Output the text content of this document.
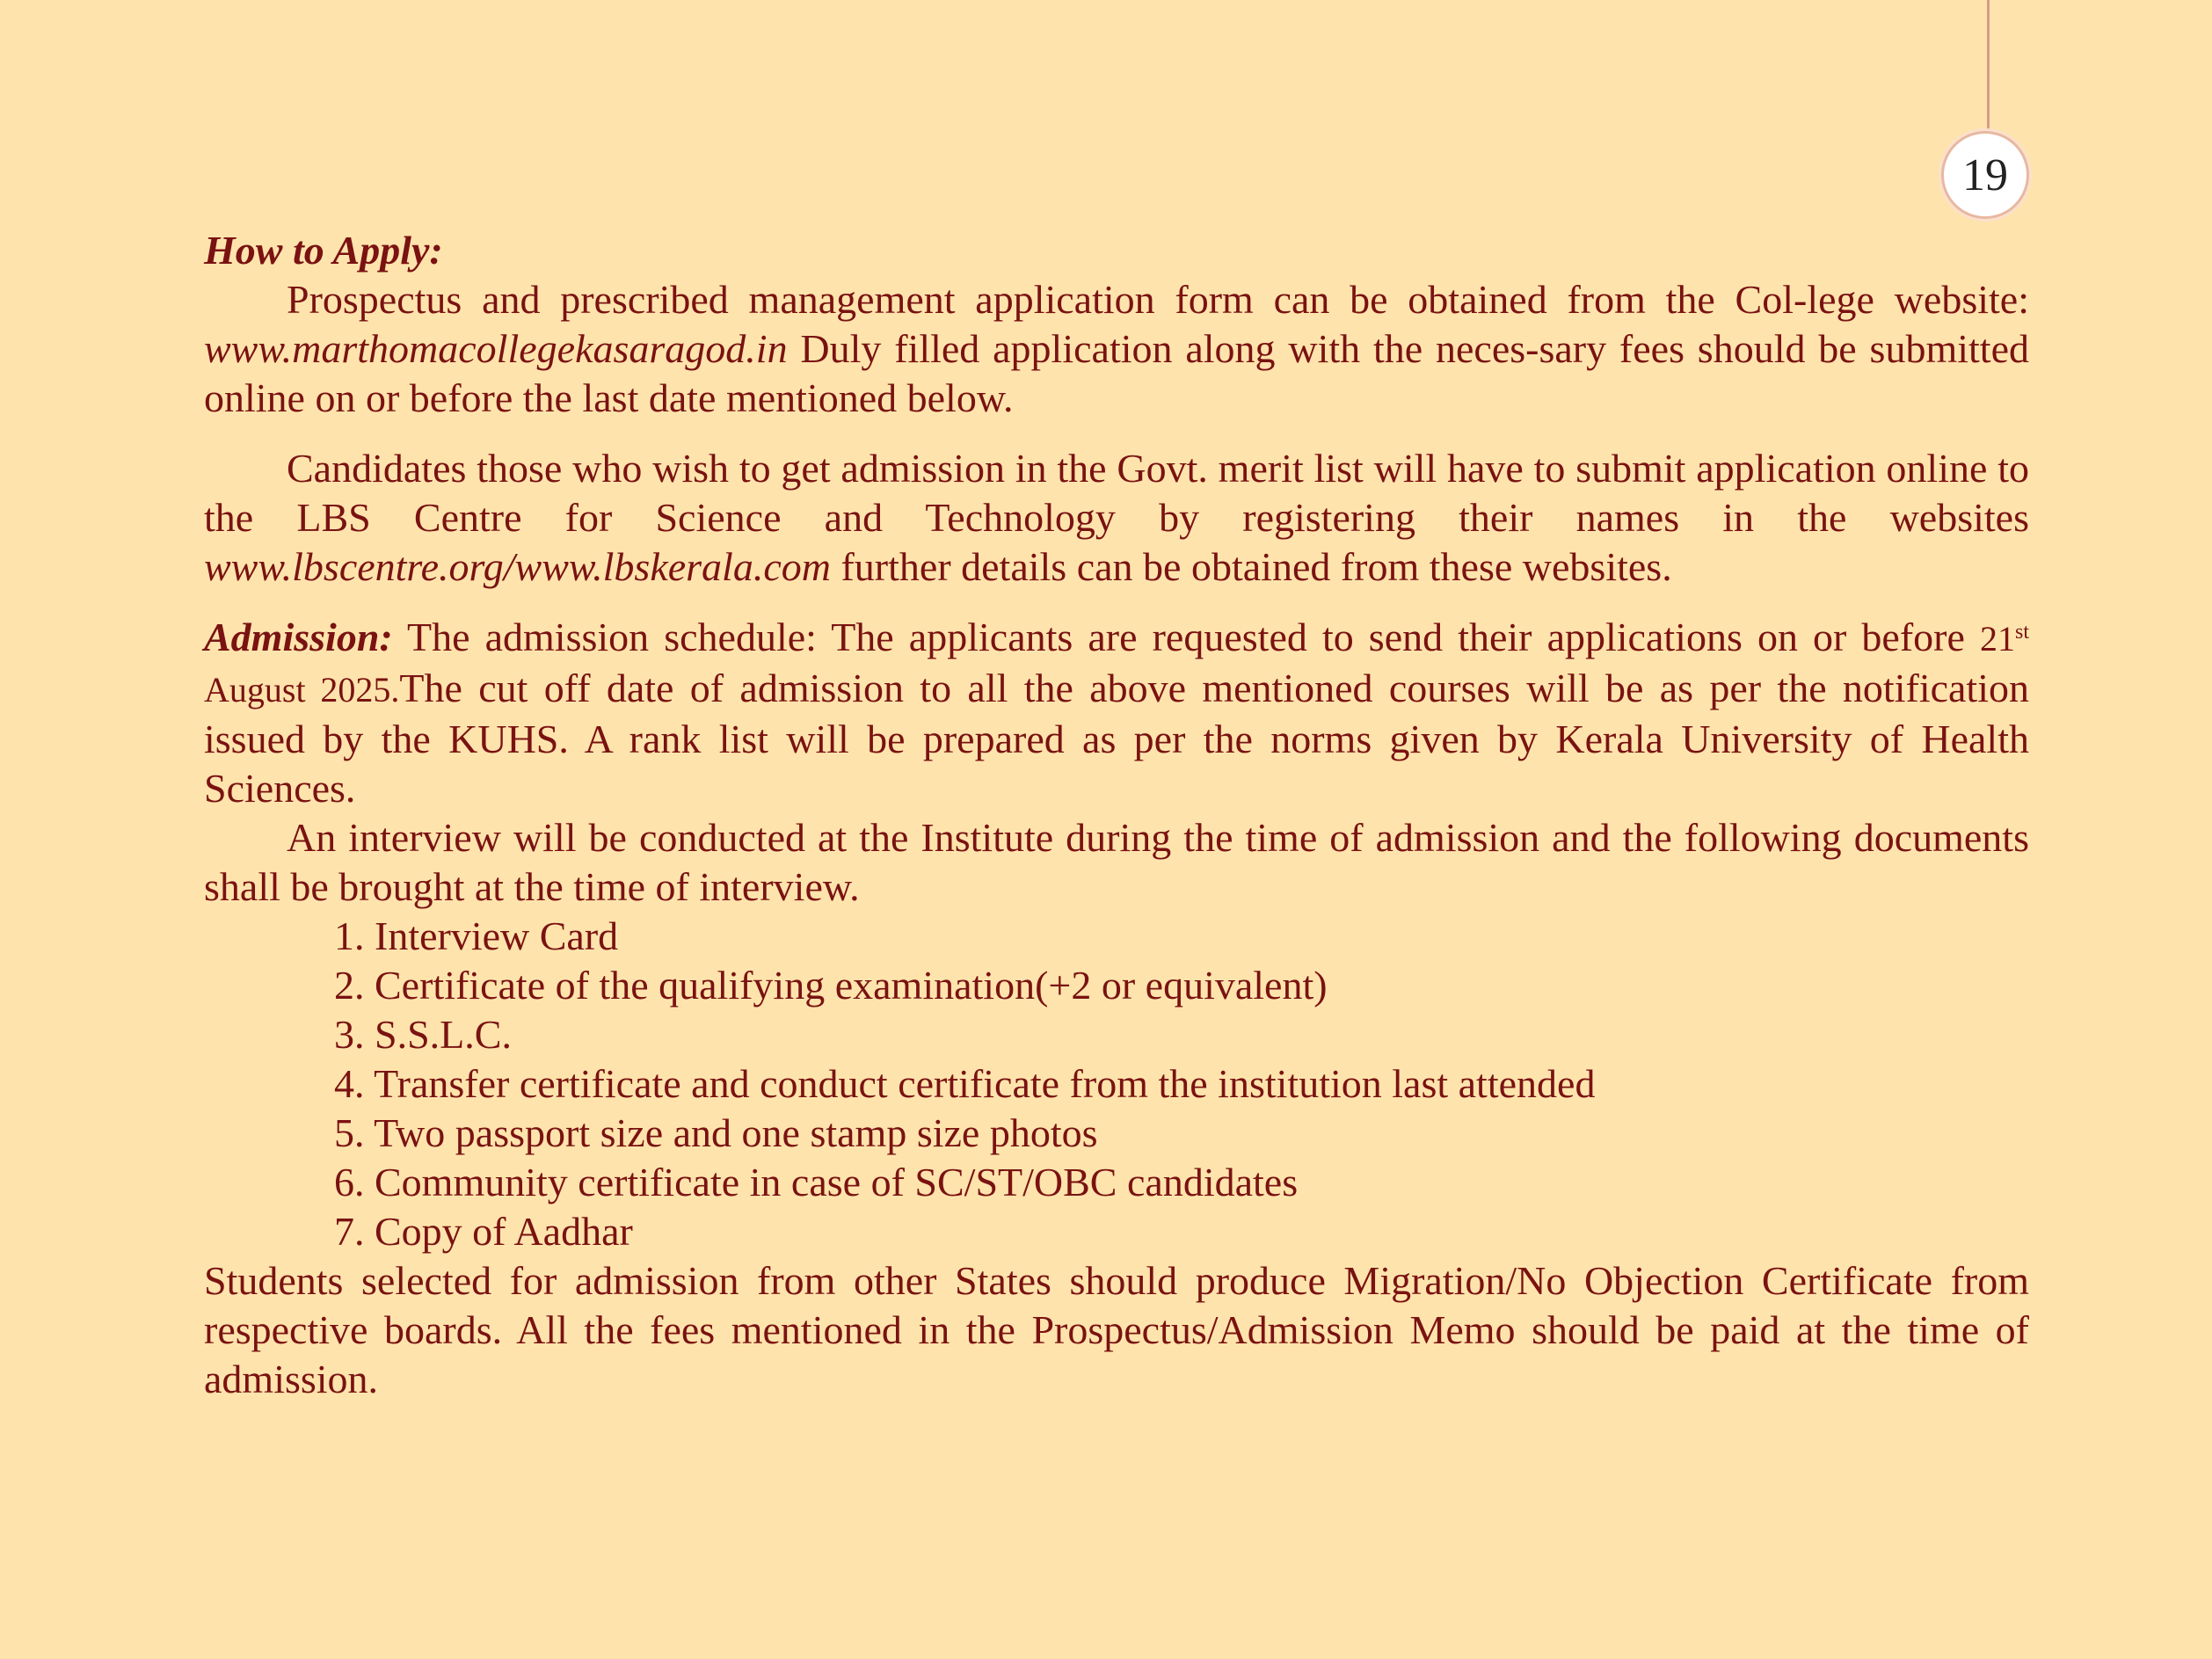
19

How to Apply:

Prospectus and prescribed management application form can be obtained from the Col-lege website: www.marthomacollegekasaragod.in Duly filled application along with the neces-sary fees should be submitted online on or before the last date mentioned below.

Candidates those who wish to get admission in the Govt. merit list will have to submit application online to the LBS Centre for Science and Technology by registering their names in the websites www.lbscentre.org/www.lbskerala.com further details can be obtained from these websites.

Admission: The admission schedule: The applicants are requested to send their applications on or before 21st August 2025.The cut off date of admission to all the above mentioned courses will be as per the notification issued by the KUHS. A rank list will be prepared as per the norms given by Kerala University of Health Sciences.

An interview will be conducted at the Institute during the time of admission and the following documents shall be brought at the time of interview.

1. Interview Card
2. Certificate of the qualifying examination(+2 or equivalent)
3. S.S.L.C.
4. Transfer certificate and conduct certificate from the institution last attended
5. Two passport size and one stamp size photos
6. Community certificate in case of SC/ST/OBC candidates
7. Copy of Aadhar

Students selected for admission from other States should produce Migration/No Objection Certificate from respective boards. All the fees mentioned in the Prospectus/Admission Memo should be paid at the time of admission.
